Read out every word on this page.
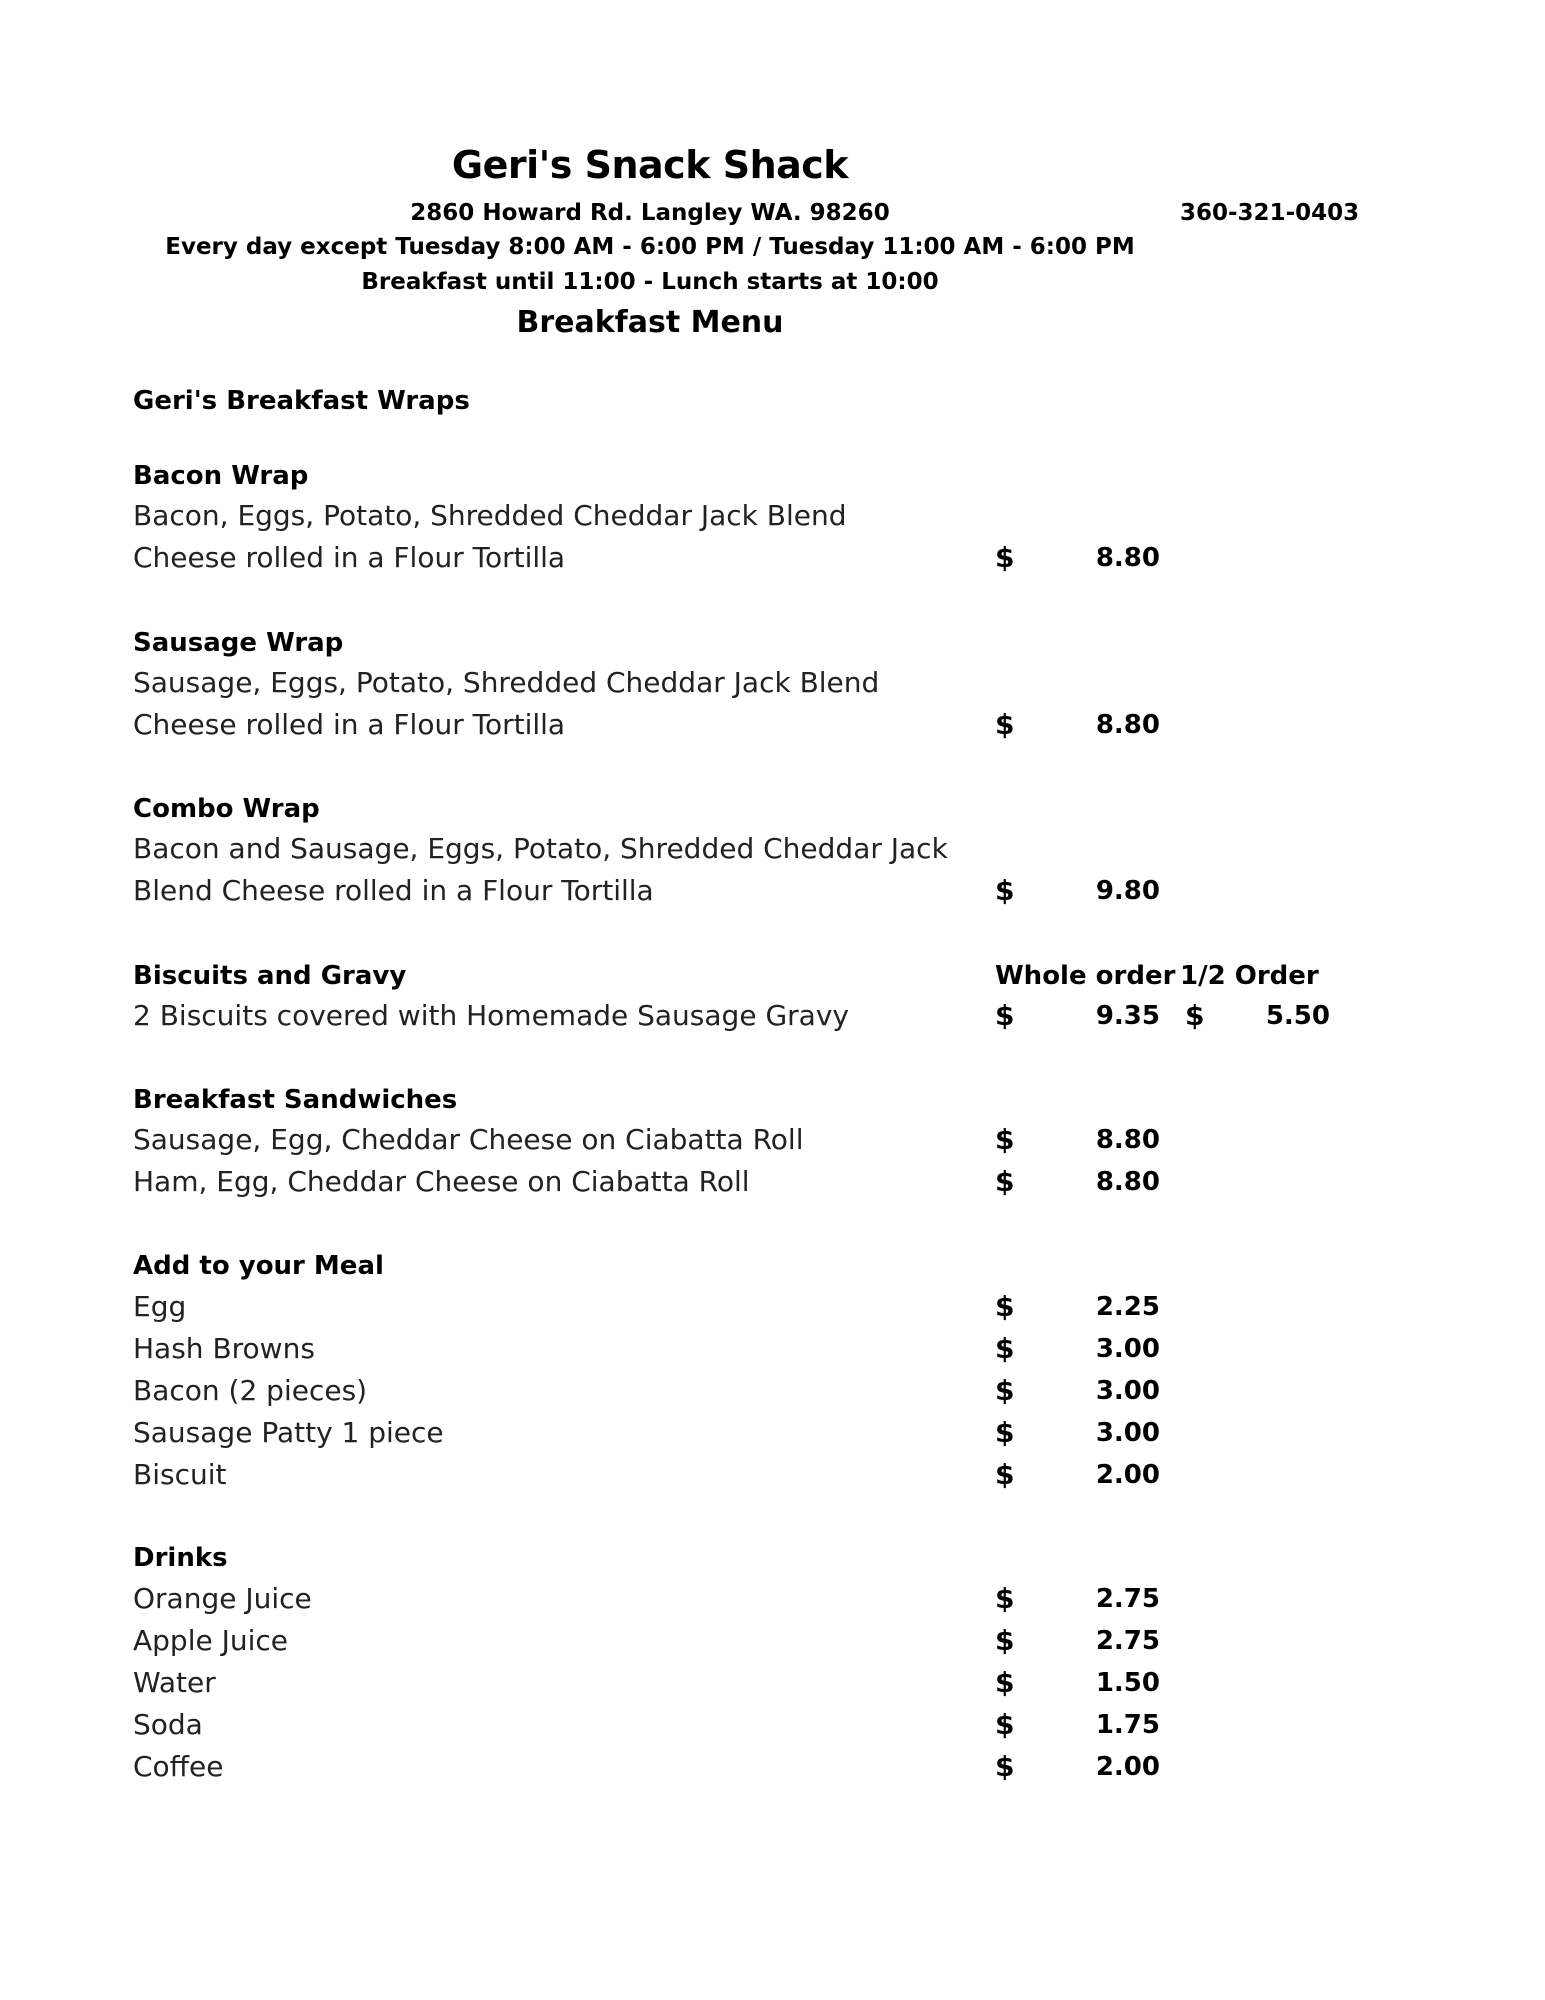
Geri's Snack Shack
2860 Howard Rd. Langley WA. 98260	360-321-0403
Every day except Tuesday 8:00 AM - 6:00 PM / Tuesday 11:00 AM - 6:00 PM
Breakfast until 11:00 - Lunch starts at 10:00
Breakfast Menu
Geri's Breakfast Wraps
Bacon Wrap
Bacon, Eggs, Potato, Shredded Cheddar Jack Blend
Cheese rolled in a Flour Tortilla	$	8.80
Sausage Wrap
Sausage, Eggs, Potato, Shredded Cheddar Jack Blend
Cheese rolled in a Flour Tortilla	$	8.80
Combo Wrap
Bacon and Sausage, Eggs, Potato, Shredded Cheddar Jack
Blend Cheese rolled in a Flour Tortilla	$	9.80
Biscuits and Gravy	Whole order 1/2 Order
2 Biscuits covered with Homemade Sausage Gravy	$	9.35 $	5.50
Breakfast Sandwiches
Sausage, Egg, Cheddar Cheese on Ciabatta Roll	$	8.80
Ham, Egg, Cheddar Cheese on Ciabatta Roll	$	8.80
Add to your Meal
Egg	$	2.25
Hash Browns	$	3.00
Bacon (2 pieces)	$	3.00
Sausage Patty 1 piece	$	3.00
Biscuit	$	2.00
Drinks
Orange Juice	$	2.75
Apple Juice	$	2.75
Water	$	1.50
Soda	$	1.75
Coffee	$	2.00
